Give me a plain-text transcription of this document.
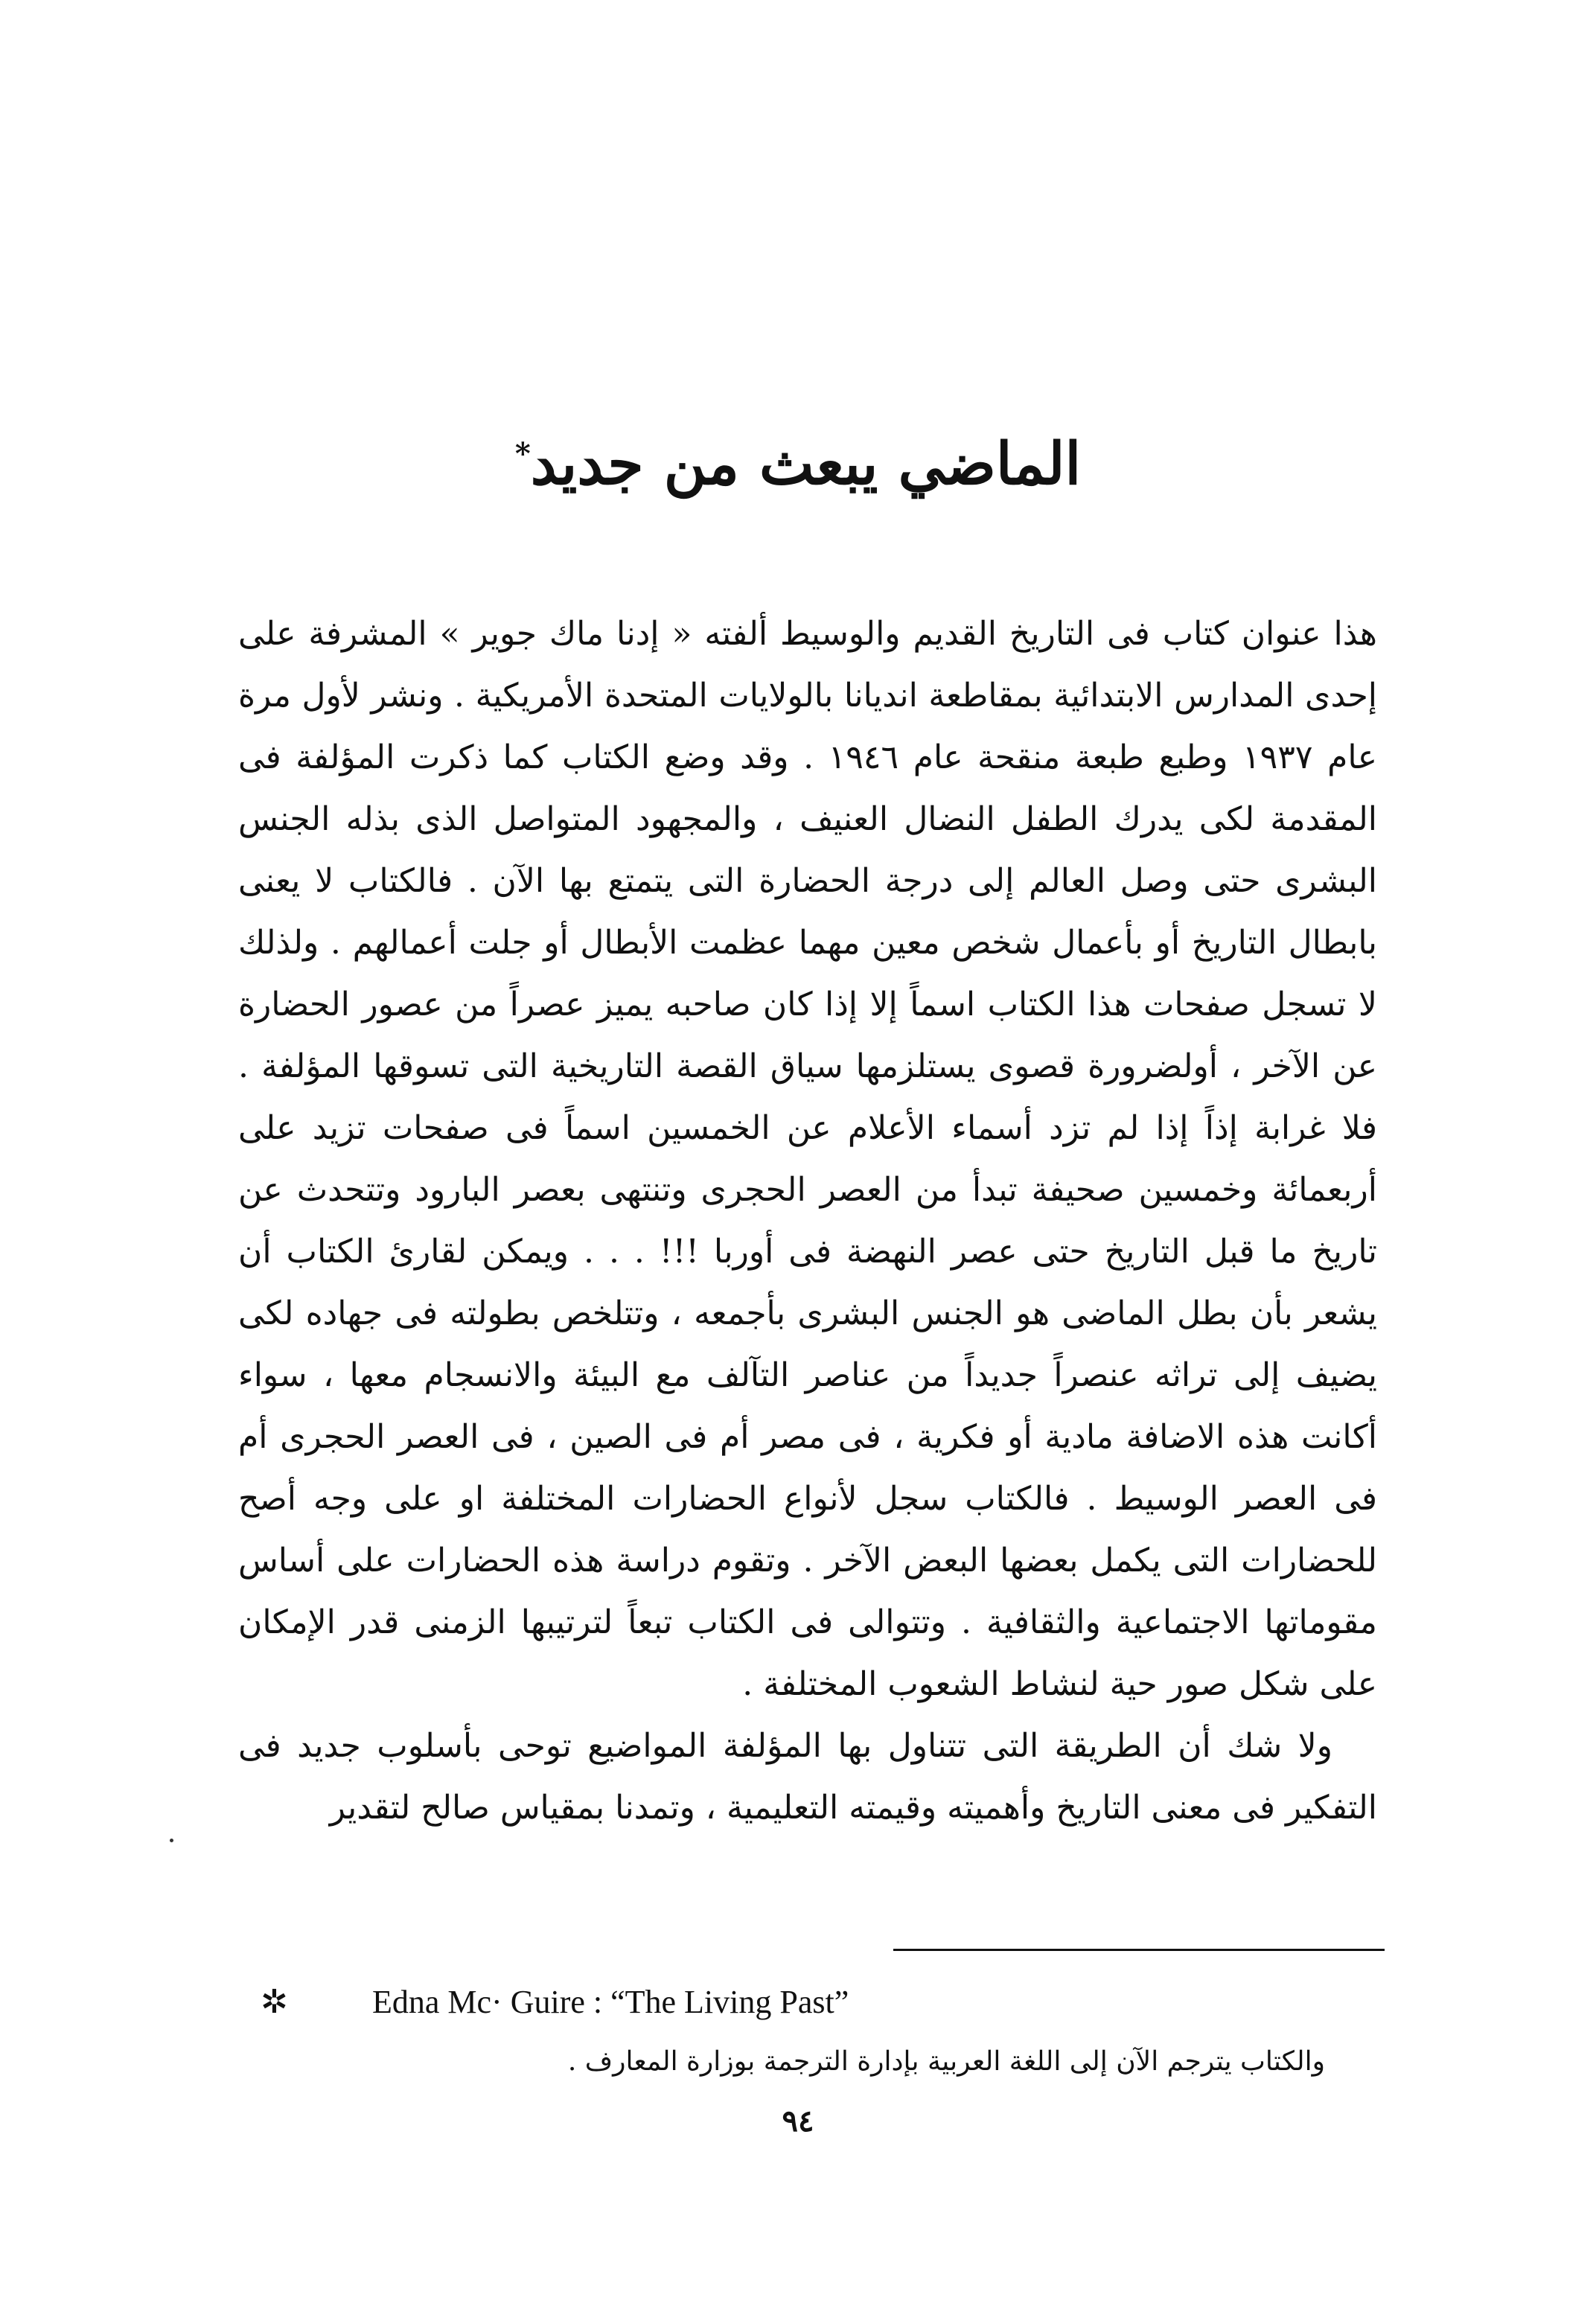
الماضي يبعث من جديد*

هذا عنوان كتاب فى التاريخ القديم والوسيط ألفته « إدنا ماك جوير » المشرفة على إحدى المدارس الابتدائية بمقاطعة انديانا بالولايات المتحدة الأمريكية . ونشر لأول مرة عام ١٩٣٧ وطبع طبعة منقحة عام ١٩٤٦ . وقد وضع الكتاب كما ذكرت المؤلفة فى المقدمة لكى يدرك الطفل النضال العنيف ، والمجهود المتواصل الذى بذله الجنس البشرى حتى وصل العالم إلى درجة الحضارة التى يتمتع بها الآن . فالكتاب لا يعنى بابطال التاريخ أو بأعمال شخص معين مهما عظمت الأبطال أو جلت أعمالهم . ولذلك لا تسجل صفحات هذا الكتاب اسماً إلا إذا كان صاحبه يميز عصراً من عصور الحضارة عن الآخر ، أولضرورة قصوى يستلزمها سياق القصة التاريخية التى تسوقها المؤلفة . فلا غرابة إذاً إذا لم تزد أسماء الأعلام عن الخمسين اسماً فى صفحات تزيد على أربعمائة وخمسين صحيفة تبدأ من العصر الحجرى وتنتهى بعصر البارود وتتحدث عن تاريخ ما قبل التاريخ حتى عصر النهضة فى أوربا !!! . . . ويمكن لقارئ الكتاب أن يشعر بأن بطل الماضى هو الجنس البشرى بأجمعه ، وتتلخص بطولته فى جهاده لكى يضيف إلى تراثه عنصراً جديداً من عناصر التآلف مع البيئة والانسجام معها ، سواء أكانت هذه الاضافة مادية أو فكرية ، فى مصر أم فى الصين ، فى العصر الحجرى أم فى العصر الوسيط . فالكتاب سجل لأنواع الحضارات المختلفة او على وجه أصح للحضارات التى يكمل بعضها البعض الآخر . وتقوم دراسة هذه الحضارات على أساس مقوماتها الاجتماعية والثقافية . وتتوالى فى الكتاب تبعاً لترتيبها الزمنى قدر الإمكان على شكل صور حية لنشاط الشعوب المختلفة .

ولا شك أن الطريقة التى تتناول بها المؤلفة المواضيع توحى بأسلوب جديد فى التفكير فى معنى التاريخ وأهميته وقيمته التعليمية ، وتمدنا بمقياس صالح لتقدير

✲	Edna Mc· Guire : “The Living Past”
والكتاب يترجم الآن إلى اللغة العربية بإدارة الترجمة بوزارة المعارف .
٩٤
